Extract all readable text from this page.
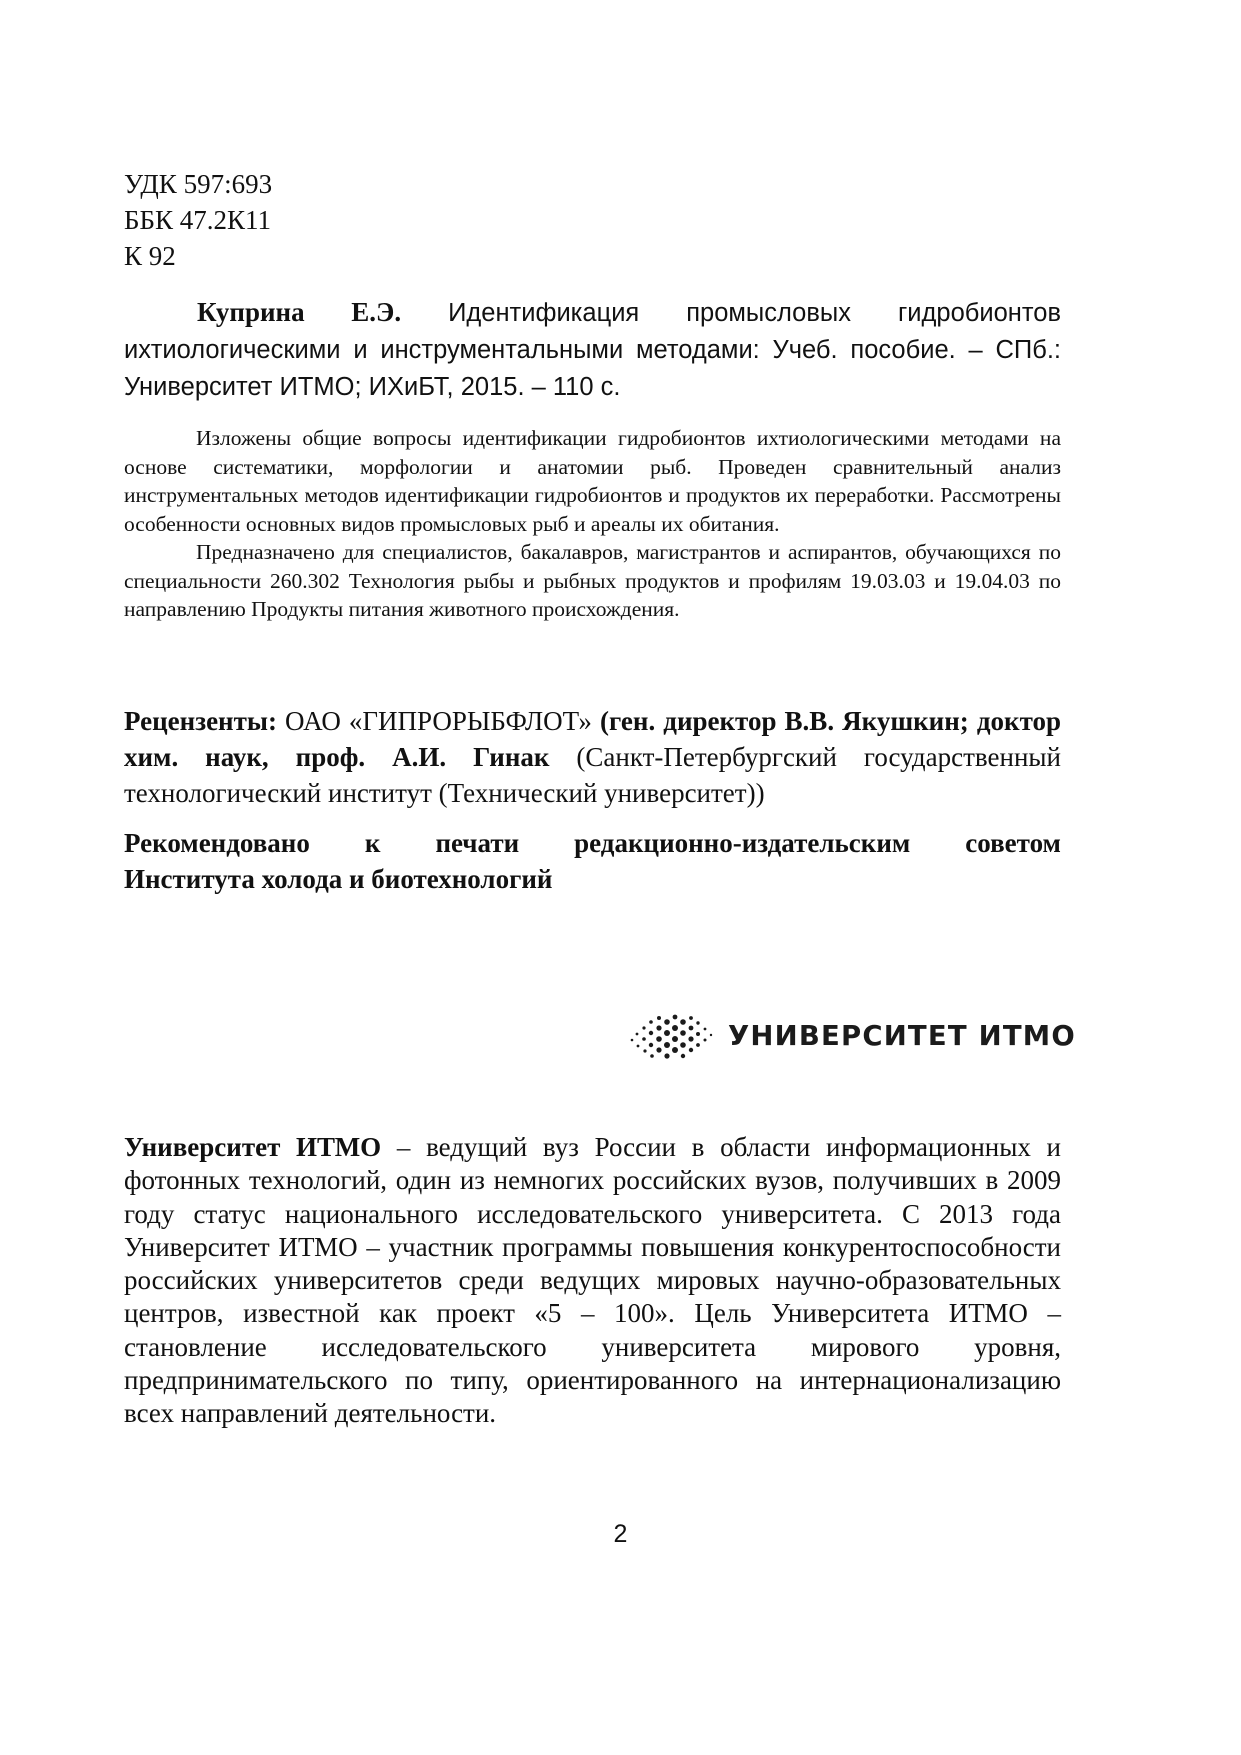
УДК 597:693
ББК 47.2К11
К 92
Куприна Е.Э. Идентификация промысловых гидробионтов ихтиологическими и инструментальными методами: Учеб. пособие. – СПб.: Университет ИТМО; ИХиБТ, 2015. – 110 с.

Изложены общие вопросы идентификации гидробионтов ихтиологическими методами на основе систематики, морфологии и анатомии рыб. Проведен сравнительный анализ инструментальных методов идентификации гидробионтов и продуктов их переработки. Рассмотрены особенности основных видов промысловых рыб и ареалы их обитания.

Предназначено для специалистов, бакалавров, магистрантов и аспирантов, обучающихся по специальности 260.302 Технология рыбы и рыбных продуктов и профилям 19.03.03 и 19.04.03 по направлению Продукты питания животного происхождения.

Рецензенты: ОАО «ГИПРОРЫБФЛОТ» (ген. директор В.В. Якушкин; доктор хим. наук, проф. А.И. Гинак (Санкт-Петербургский государственный технологический институт (Технический университет))

Рекомендовано к печати редакционно-издательским советом
Института холода и биотехнологий
УНИВЕРСИТЕТ ИТМО

Университет ИТМО – ведущий вуз России в области информационных и фотонных технологий, один из немногих российских вузов, получивших в 2009 году статус национального исследовательского университета. С 2013 года Университет ИТМО – участник программы повышения конкурентоспособности российских университетов среди ведущих мировых научно-образовательных центров, известной как проект «5 – 100». Цель Университета ИТМО – становление исследовательского университета мирового уровня, предпринимательского по типу, ориентированного на интернационализацию всех направлений деятельности.

2
